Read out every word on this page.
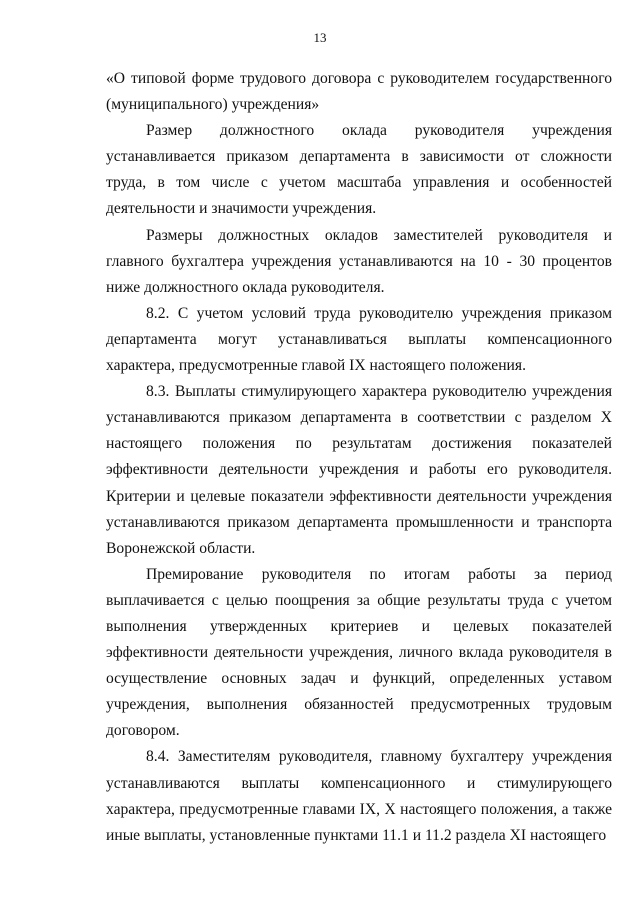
13

«О типовой форме трудового договора с руководителем государственного (муниципального) учреждения»

Размер должностного оклада руководителя учреждения устанавливается приказом департамента в зависимости от сложности труда, в том числе с учетом масштаба управления и особенностей деятельности и значимости учреждения.

Размеры должностных окладов заместителей руководителя и главного бухгалтера учреждения устанавливаются на 10 - 30 процентов ниже должностного оклада руководителя.

8.2. С учетом условий труда руководителю учреждения приказом департамента могут устанавливаться выплаты компенсационного характера, предусмотренные главой IX настоящего положения.

8.3. Выплаты стимулирующего характера руководителю учреждения устанавливаются приказом департамента в соответствии с разделом X настоящего положения по результатам достижения показателей эффективности деятельности учреждения и работы его руководителя. Критерии и целевые показатели эффективности деятельности учреждения устанавливаются приказом департамента промышленности и транспорта Воронежской области.

Премирование руководителя по итогам работы за период выплачивается с целью поощрения за общие результаты труда с учетом выполнения утвержденных критериев и целевых показателей эффективности деятельности учреждения, личного вклада руководителя в осуществление основных задач и функций, определенных уставом учреждения, выполнения обязанностей предусмотренных трудовым договором.

8.4. Заместителям руководителя, главному бухгалтеру учреждения устанавливаются выплаты компенсационного и стимулирующего характера, предусмотренные главами IX, X настоящего положения, а также иные выплаты, установленные пунктами 11.1 и 11.2 раздела XI настоящего
